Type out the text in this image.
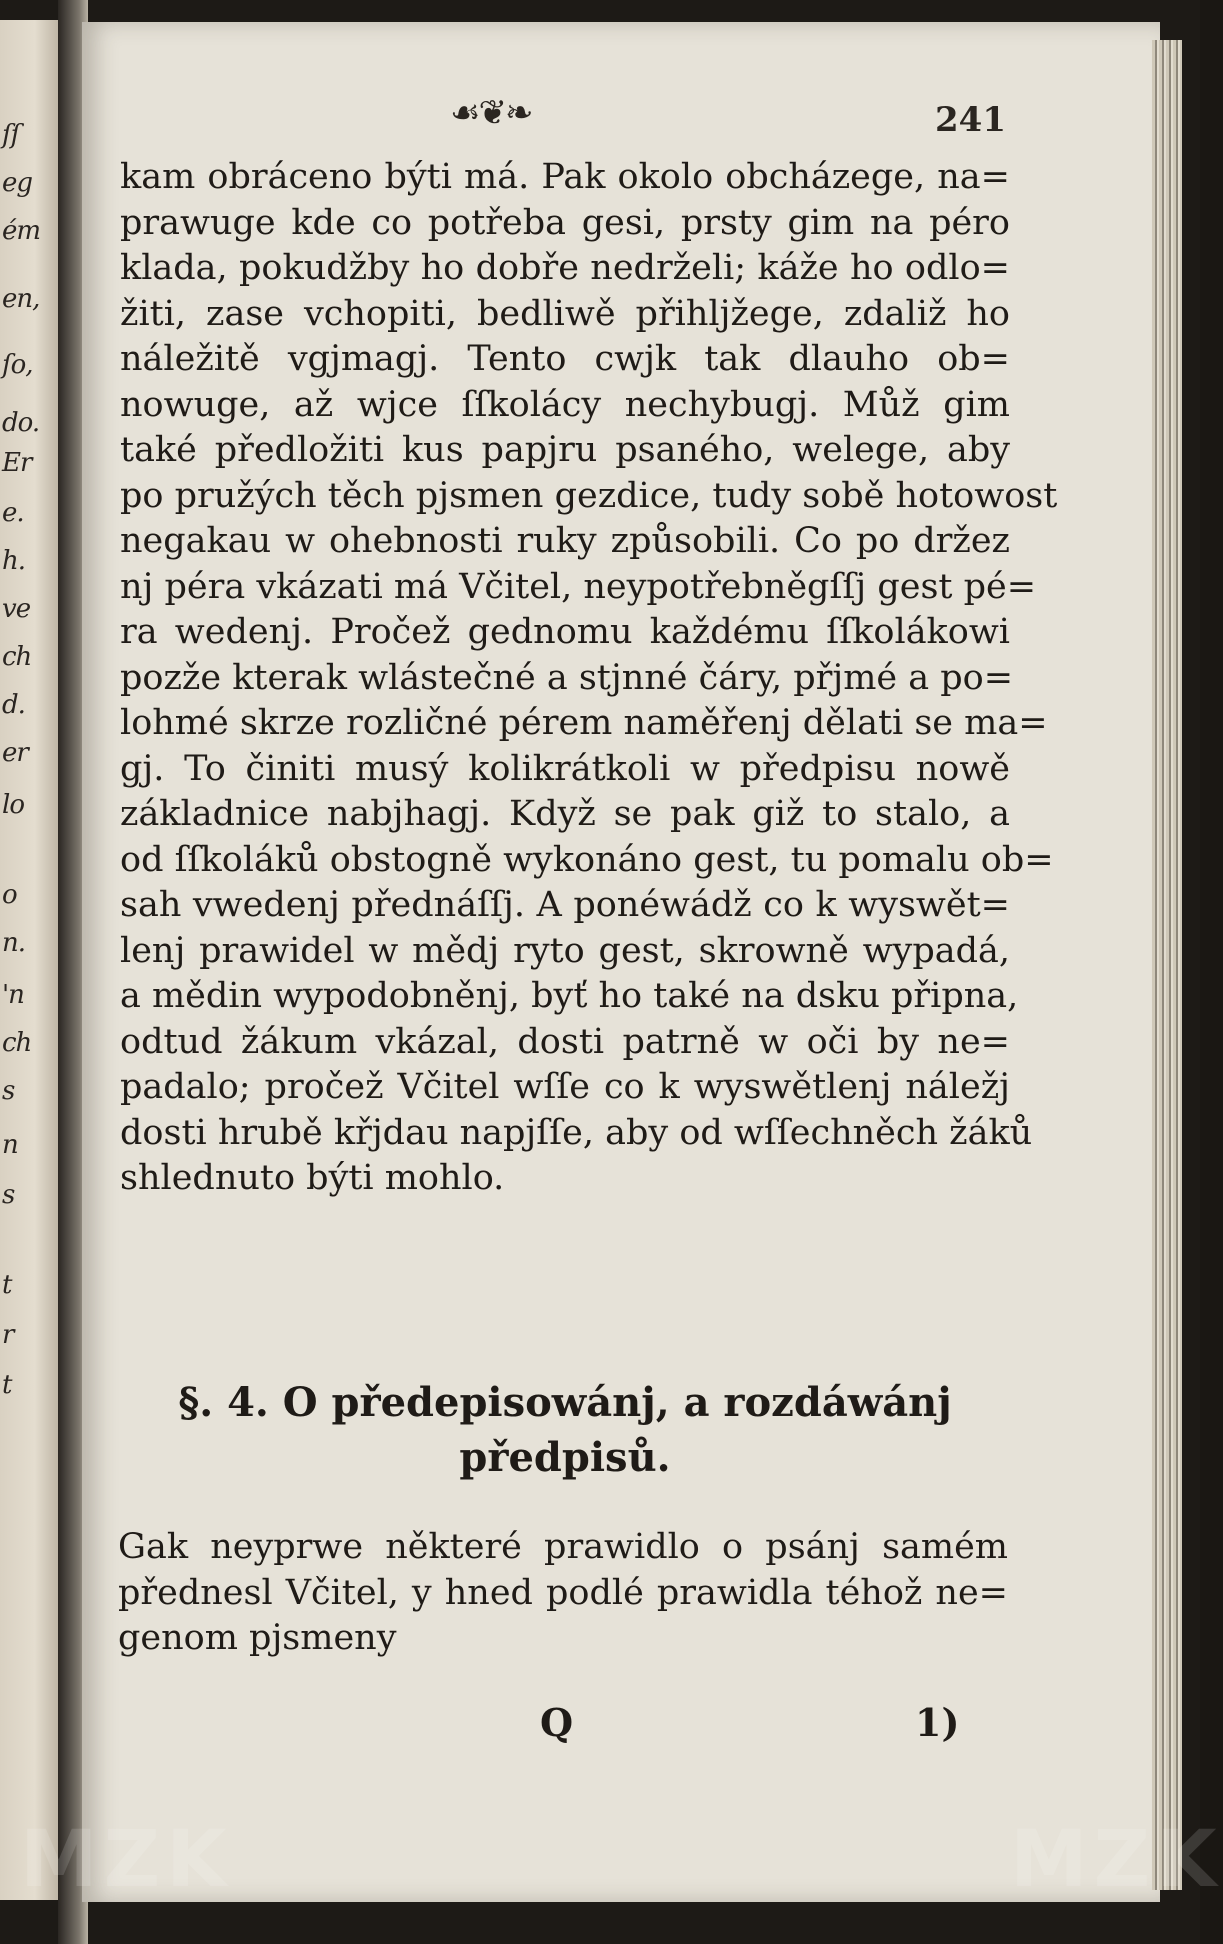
ſſ
eg
ém
en,
ſo,
do.
Er
e.
h.
ve
ch
d.
er
lo
o
n.
'n
ch
s
n
s
t
r
t
☙❦❧	241
kam obráceno býti má. Pak okolo obcházege, na=
prawuge kde co potřeba gesi, prsty gim na péro
klada, pokudžby ho dobře nedrželi; káže ho odlo=
žiti, zase vchopiti, bedliwě přihljžege, zdaliž ho
náležitě vgjmagj. Tento cwjk tak dlauho ob=
nowuge, až wjce ſſkolácy nechybugj. Můž gim
také předložiti kus papjru psaného, welege, aby
po pružých těch pjsmen gezdice, tudy sobě hotowost
negakau w ohebnosti ruky způsobili. Co po držez
nj péra vkázati má Včitel, neypotřebněgſſj gest pé=
ra wedenj. Pročež gednomu každému ſſkolákowi
pozže kterak wlástečné a stjnné čáry, přjmé a po=
lohmé skrze rozličné pérem naměřenj dělati se ma=
gj. To činiti musý kolikrátkoli w předpisu nowě
základnice nabjhagj. Když se pak giž to stalo, a
od ſſkoláků obstogně wykonáno gest, tu pomalu ob=
sah vwedenj přednáſſj. A ponéwádž co k wyswět=
lenj prawidel w mědj ryto gest, skrowně wypadá,
a mědin wypodobněnj, byť ho také na dsku připna,
odtud žákum vkázal, dosti patrně w oči by ne=
padalo; pročež Včitel wſſe co k wyswětlenj náležj
dosti hrubě křjdau napjſſe, aby od wſſechněch žáků
shlednuto býti mohlo.
§. 4. O předepisowánj, a rozdáwánj
předpisů.
Gak neyprwe některé prawidlo o psánj samém
přednesl Včitel, y hned podlé prawidla téhož ne=
genom pjsmeny
Q	1)
MZK	MZK
